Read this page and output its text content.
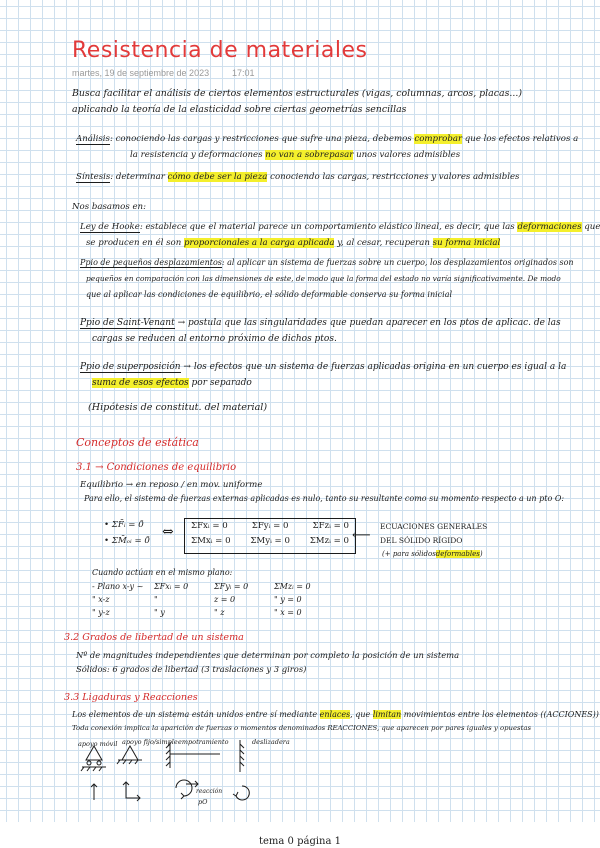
Resistencia de materiales
martes, 19 de septiembre de 2023	17:01
Busca facilitar el análisis de ciertos elementos estructurales (vigas, columnas, arcos, placas...)
aplicando la teoría de la elasticidad sobre ciertas geometrías sencillas
Análisis: conociendo las cargas y restricciones que sufre una pieza, debemos comprobar que los efectos relativos a
la resistencia y deformaciones no van a sobrepasar unos valores admisibles
Síntesis: determinar cómo debe ser la pieza conociendo las cargas, restricciones y valores admisibles
Nos basamos en:
Ley de Hooke: establece que el material parece un comportamiento elástico lineal, es decir, que las deformaciones que
se producen en él son proporcionales a la carga aplicada y, al cesar, recuperan su forma inicial
Ppio de pequeños desplazamientos: al aplicar un sistema de fuerzas sobre un cuerpo, los desplazamientos originados son
pequeños en comparación con las dimensiones de este, de modo que la forma del estado no varía significativamente. De modo
que al aplicar las condiciones de equilibrio, el sólido deformable conserva su forma inicial
Ppio de Saint-Venant → postula que las singularidades que puedan aparecer en los ptos de aplicac. de las
cargas se reducen al entorno próximo de dichos ptos.
Ppio de superposición → los efectos que un sistema de fuerzas aplicadas origina en un cuerpo es igual a la
suma de esos efectos por separado
(Hipótesis de constitut. del material)
Conceptos de estática
3.1 → Condiciones de equilibrio
Equilibrio → en reposo / en mov. uniforme
Para ello, el sistema de fuerzas externas aplicadas es nulo, tanto su resultante como su momento respecto a un pto O:
• ΣF̄ᵢ = 0̄
• ΣM̄ₒᵢ = 0̄
⇔ ΣFxᵢ = 0	ΣFyᵢ = 0	ΣFzᵢ = 0
ΣMxᵢ = 0 ΣMyᵢ = 0 ΣMzᵢ = 0 ⟵
ECUACIONES GENERALES
DEL SÓLIDO RÍGIDO
(+ para sólidosdeformables)
Cuando actúan en el mismo plano:
- Plano x-y ~	ΣFxᵢ = 0	ΣFyᵢ = 0	ΣMzᵢ = 0
" x-z	"	z = 0	" y = 0
" y-z	" y	" z	" x = 0
3.2 Grados de libertad de un sistema
Nº de magnitudes independientes que determinan por completo la posición de un sistema
Sólidos: 6 grados de libertad (3 traslaciones y 3 giros)
3.3 Ligaduras y Reacciones
Los elementos de un sistema están unidos entre sí mediante enlaces, que limitan movimientos entre los elementos ((ACCIONES))
Toda conexión implica la aparición de fuerzas o momentos denominados REACCIONES, que aparecen por pares iguales y opuestas
apoyo móvil apoyo fijo/simple empotramiento	deslizadera
reacción
pO
tema 0 página 1
